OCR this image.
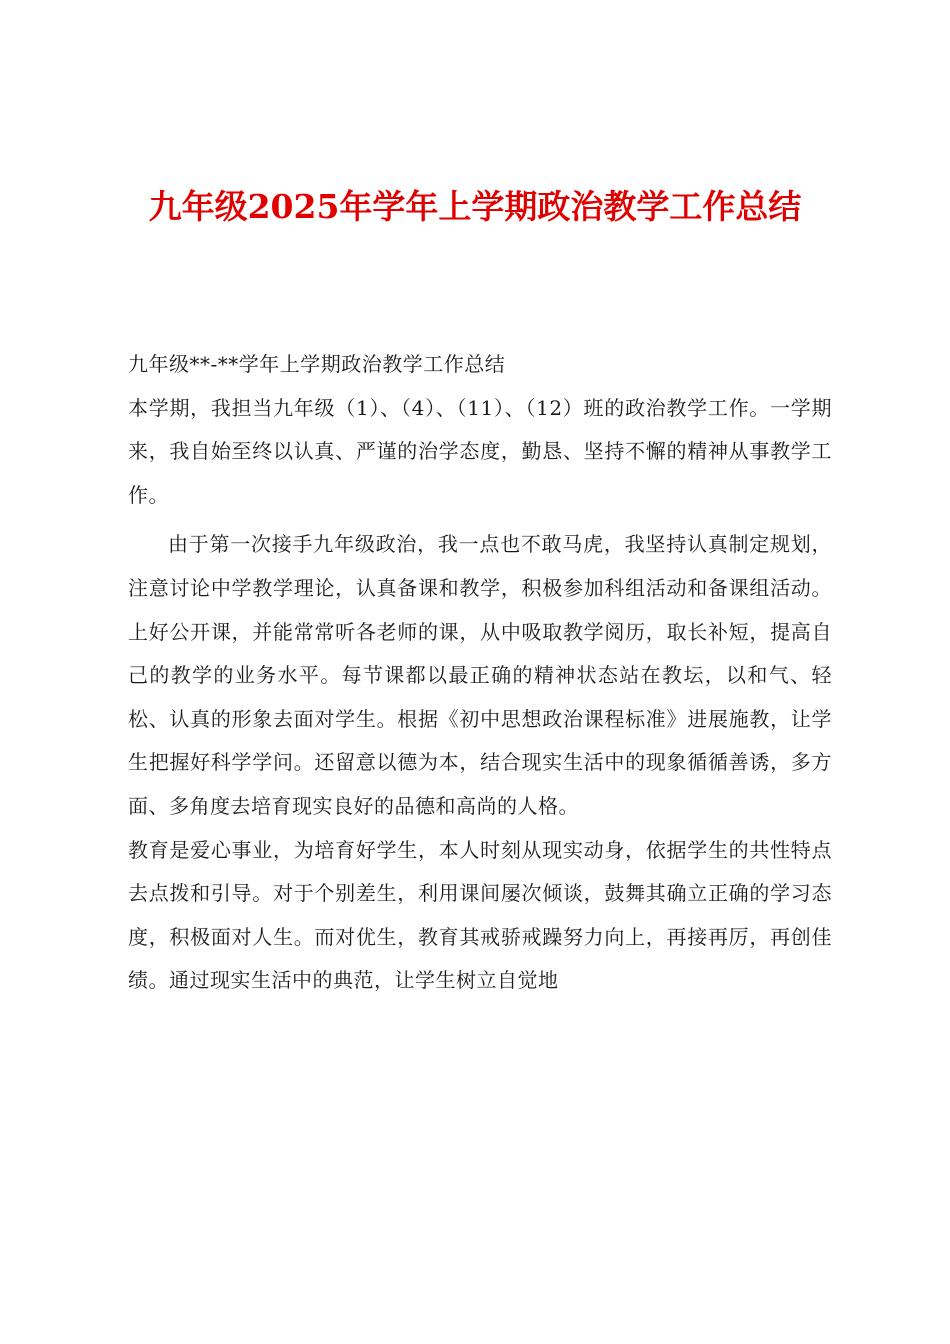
九年级2025年学年上学期政治教学工作总结

九年级**-**学年上学期政治教学工作总结

本学期，我担当九年级（1）、（4）、（11）、（12）班的政治教学工作。一学期来，我自始至终以认真、严谨的治学态度，勤恳、坚持不懈的精神从事教学工作。

由于第一次接手九年级政治，我一点也不敢马虎，我坚持认真制定规划，注意讨论中学教学理论，认真备课和教学，积极参加科组活动和备课组活动。上好公开课，并能常常听各老师的课，从中吸取教学阅历，取长补短，提高自己的教学的业务水平。每节课都以最正确的精神状态站在教坛，以和气、轻松、认真的形象去面对学生。根据《初中思想政治课程标准》进展施教，让学生把握好科学学问。还留意以德为本，结合现实生活中的现象循循善诱，多方面、多角度去培育现实良好的品德和高尚的人格。

教育是爱心事业，为培育好学生，本人时刻从现实动身，依据学生的共性特点去点拨和引导。对于个别差生，利用课间屡次倾谈，鼓舞其确立正确的学习态度，积极面对人生。而对优生，教育其戒骄戒躁努力向上，再接再厉，再创佳绩。通过现实生活中的典范，让学生树立自觉地
